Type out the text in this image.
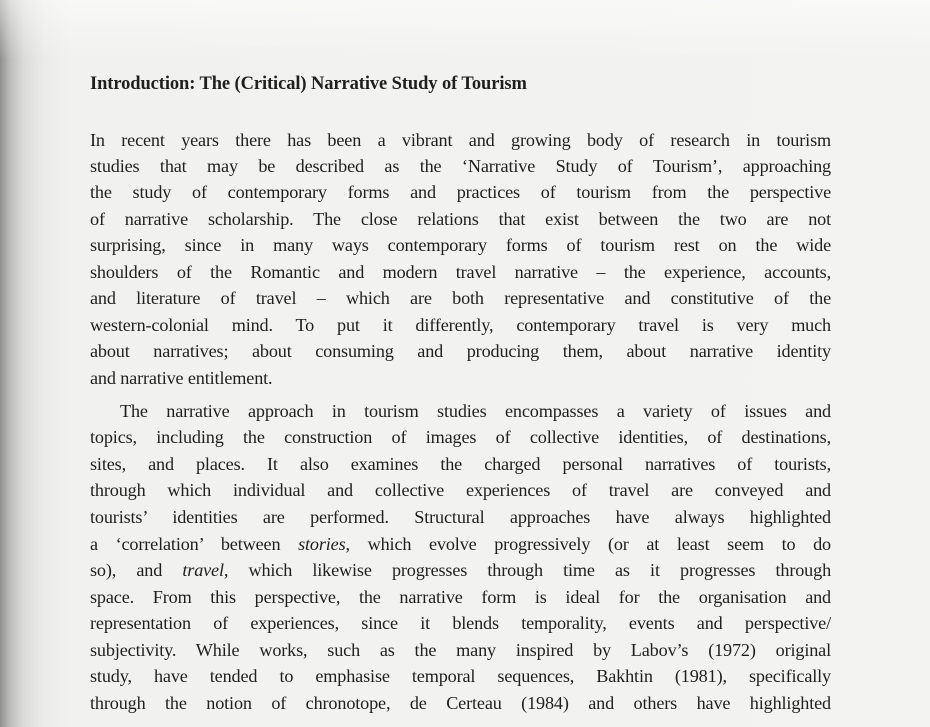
Introduction: The (Critical) Narrative Study of Tourism
In recent years there has been a vibrant and growing body of research in tourism
studies that may be described as the ‘Narrative Study of Tourism’, approaching
the study of contemporary forms and practices of tourism from the perspective
of narrative scholarship. The close relations that exist between the two are not
surprising, since in many ways contemporary forms of tourism rest on the wide
shoulders of the Romantic and modern travel narrative – the experience, accounts,
and literature of travel – which are both representative and constitutive of the
western-colonial mind. To put it differently, contemporary travel is very much
about narratives; about consuming and producing them, about narrative identity
and narrative entitlement.
The narrative approach in tourism studies encompasses a variety of issues and
topics, including the construction of images of collective identities, of destinations,
sites, and places. It also examines the charged personal narratives of tourists,
through which individual and collective experiences of travel are conveyed and
tourists’ identities are performed. Structural approaches have always highlighted
a ‘correlation’ between stories, which evolve progressively (or at least seem to do
so), and travel, which likewise progresses through time as it progresses through
space. From this perspective, the narrative form is ideal for the organisation and
representation of experiences, since it blends temporality, events and perspective/
subjectivity. While works, such as the many inspired by Labov’s (1972) original
study, have tended to emphasise temporal sequences, Bakhtin (1981), specifically
through the notion of chronotope, de Certeau (1984) and others have highlighted
